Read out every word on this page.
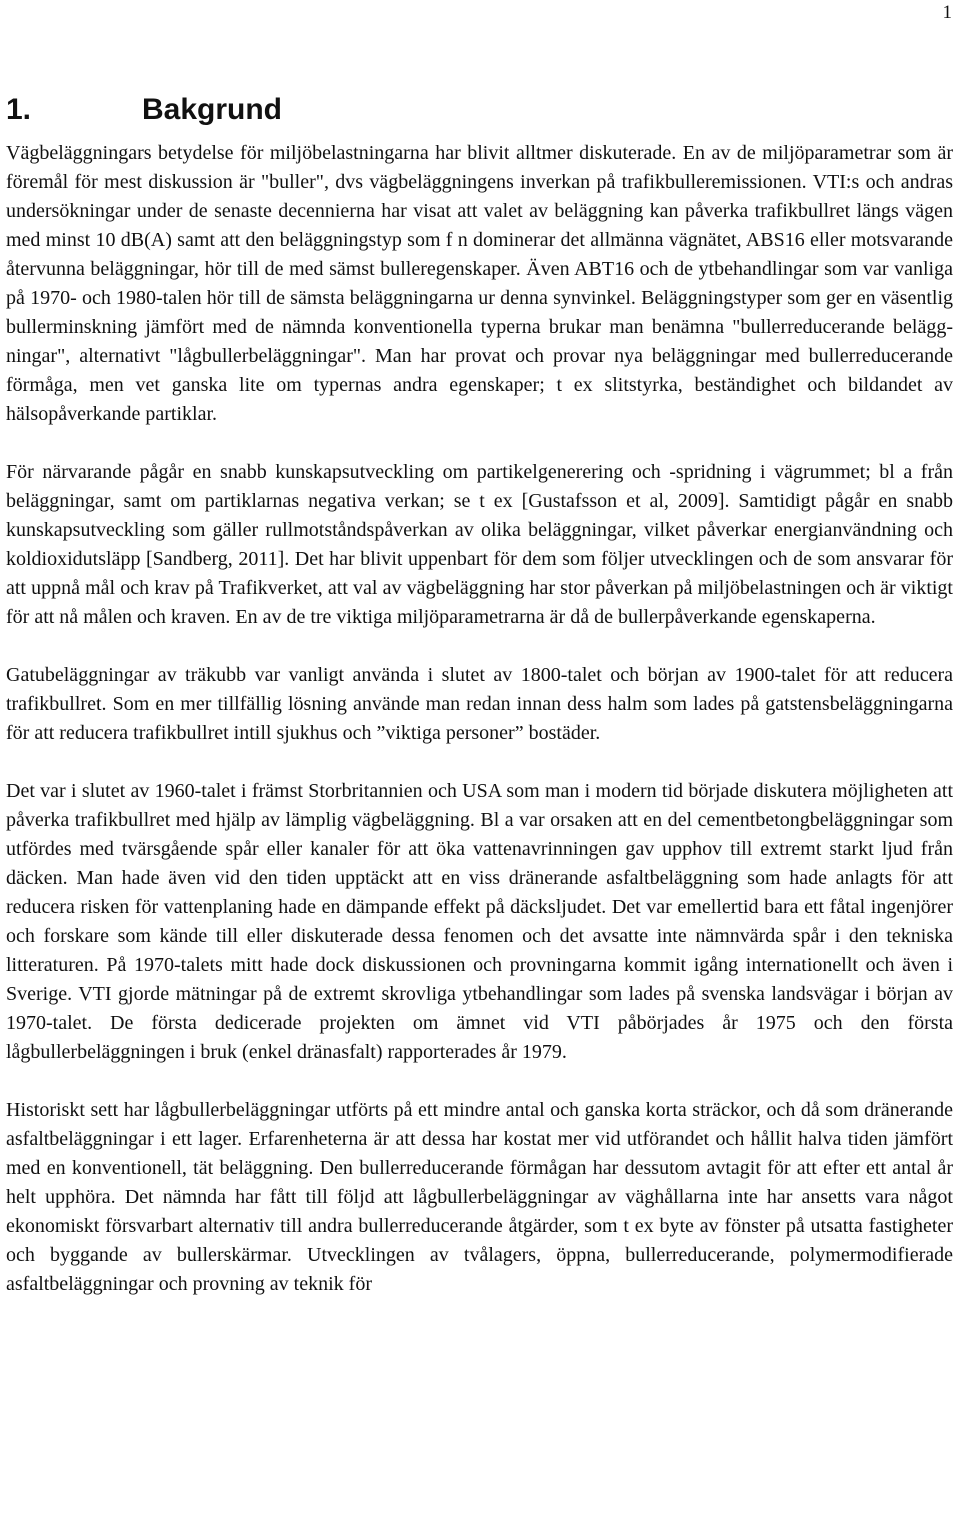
1
1.	Bakgrund

Vägbeläggningars betydelse för miljöbelastningarna har blivit alltmer diskuterade. En av de miljöparametrar som är föremål för mest diskussion är "buller", dvs vägbeläggningens inverkan på trafikbulleremissionen. VTI:s och andras undersökningar under de senaste decennierna har visat att valet av beläggning kan påverka trafikbullret längs vägen med minst 10 dB(A) samt att den beläggningstyp som f n dominerar det allmänna vägnätet, ABS16 eller motsvarande återvunna beläggningar, hör till de med sämst bulleregenskaper. Även ABT16 och de ytbehandlingar som var vanliga på 1970- och 1980-talen hör till de sämsta beläggningarna ur denna synvinkel. Beläggningstyper som ger en väsentlig bullerminskning jämfört med de nämnda konventionella typerna brukar man benämna "bullerreducerande beläggningar", alternativt "lågbullerbeläggningar". Man har provat och provar nya beläggningar med bullerreducerande förmåga, men vet ganska lite om typernas andra egenskaper; t ex slitstyrka, beständighet och bildandet av hälsopåverkande partiklar.

För närvarande pågår en snabb kunskapsutveckling om partikelgenerering och -spridning i vägrummet; bl a från beläggningar, samt om partiklarnas negativa verkan; se t ex [Gustafsson et al, 2009]. Samtidigt pågår en snabb kunskapsutveckling som gäller rullmotståndspåverkan av olika beläggningar, vilket påverkar energianvändning och koldioxidutsläpp [Sandberg, 2011]. Det har blivit uppenbart för dem som följer utvecklingen och de som ansvarar för att uppnå mål och krav på Trafikverket, att val av vägbeläggning har stor påverkan på miljöbelastningen och är viktigt för att nå målen och kraven. En av de tre viktiga miljöparametrarna är då de bullerpåverkande egenskaperna.

Gatubeläggningar av träkubb var vanligt använda i slutet av 1800-talet och början av 1900-talet för att reducera trafikbullret. Som en mer tillfällig lösning använde man redan innan dess halm som lades på gatstensbeläggningarna för att reducera trafikbullret intill sjukhus och ”viktiga personer” bostäder.

Det var i slutet av 1960-talet i främst Storbritannien och USA som man i modern tid började diskutera möjligheten att påverka trafikbullret med hjälp av lämplig vägbeläggning. Bl a var orsaken att en del cementbetongbeläggningar som utfördes med tvärsgående spår eller kanaler för att öka vattenavrinningen gav upphov till extremt starkt ljud från däcken. Man hade även vid den tiden upptäckt att en viss dränerande asfaltbeläggning som hade anlagts för att reducera risken för vattenplaning hade en dämpande effekt på däcksljudet. Det var emellertid bara ett fåtal ingenjörer och forskare som kände till eller diskuterade dessa fenomen och det avsatte inte nämnvärda spår i den tekniska litteraturen. På 1970-talets mitt hade dock diskussionen och provningarna kommit igång internationellt och även i Sverige. VTI gjorde mätningar på de extremt skrovliga ytbehandlingar som lades på svenska landsvägar i början av 1970-talet. De första dedicerade projekten om ämnet vid VTI påbörjades år 1975 och den första lågbullerbeläggningen i bruk (enkel dränasfalt) rapporterades år 1979.

Historiskt sett har lågbullerbeläggningar utförts på ett mindre antal och ganska korta sträckor, och då som dränerande asfaltbeläggningar i ett lager. Erfarenheterna är att dessa har kostat mer vid utförandet och hållit halva tiden jämfört med en konventionell, tät beläggning. Den bullerreducerande förmågan har dessutom avtagit för att efter ett antal år helt upphöra. Det nämnda har fått till följd att lågbullerbeläggningar av väghållarna inte har ansetts vara något ekonomiskt försvarbart alternativ till andra bullerreducerande åtgärder, som t ex byte av fönster på utsatta fastigheter och byggande av bullerskärmar. Utvecklingen av tvålagers, öppna, bullerreducerande, polymermodifierade asfaltbeläggningar och provning av teknik för
